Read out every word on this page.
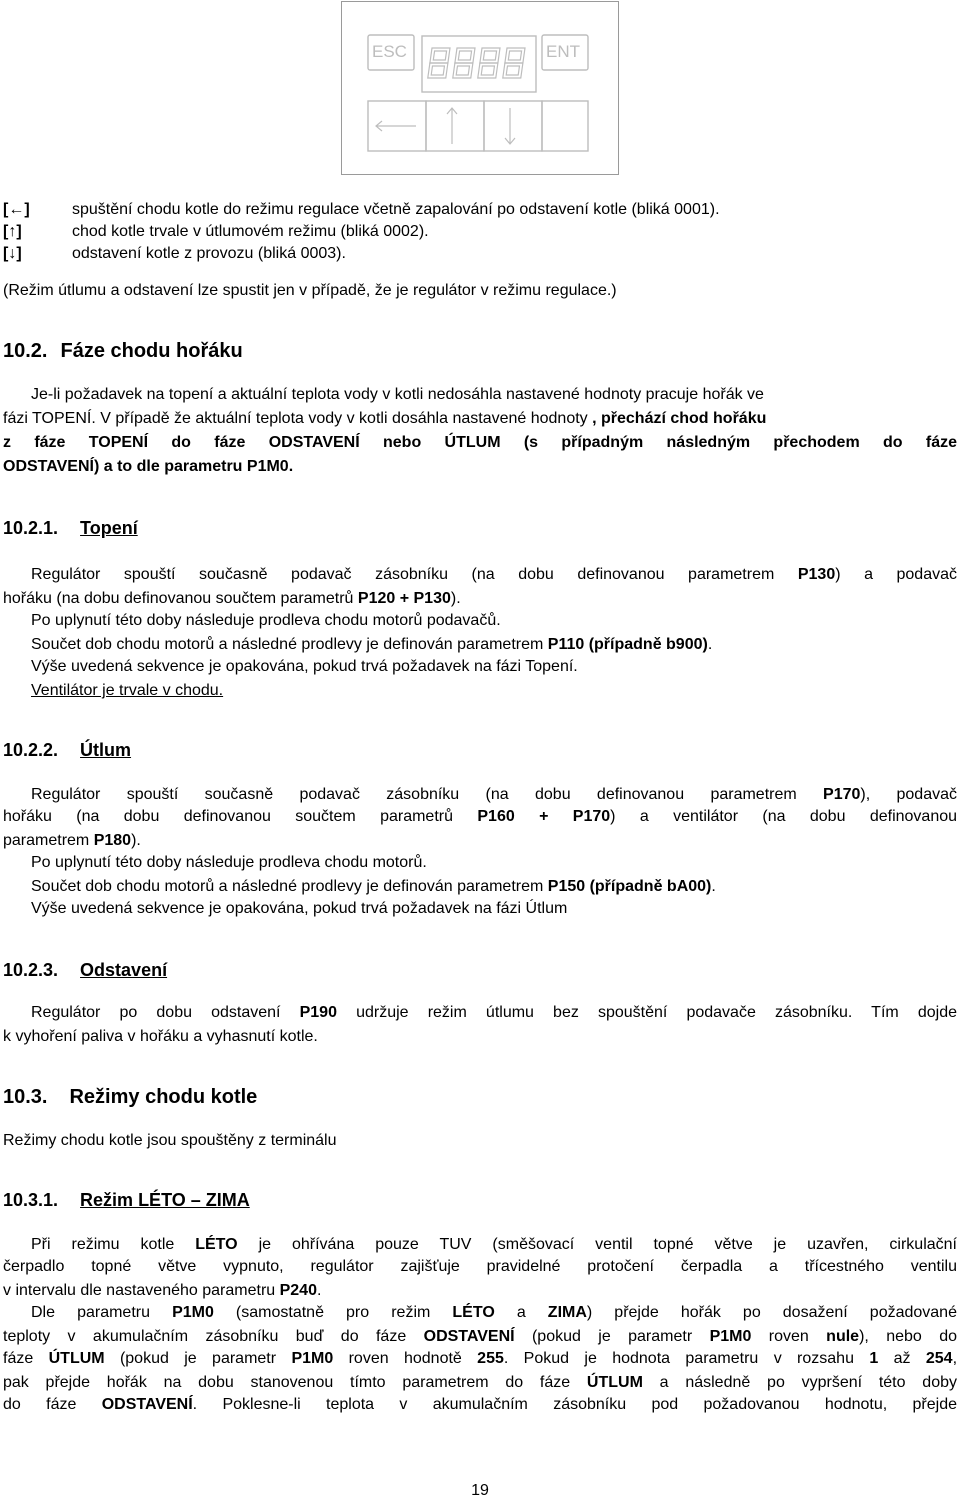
ESC	ENT
[←]	spuštění chodu kotle do režimu regulace včetně zapalování po odstavení kotle (bliká 0001).
[↑]	chod kotle trvale v útlumovém režimu (bliká 0002).
[↓]	odstavení kotle z provozu (bliká 0003).
(Režim útlumu a odstavení lze spustit jen v případě, že je regulátor v režimu regulace.)
10.2. Fáze chodu hořáku
Je-li požadavek na topení a aktuální teplota vody v kotli nedosáhla nastavené hodnoty pracuje hořák ve
fázi TOPENÍ. V případě že aktuální teplota vody v kotli dosáhla nastavené hodnoty , přechází chod hořáku
z fáze TOPENÍ do fáze ODSTAVENÍ nebo ÚTLUM (s případným následným přechodem do fáze
ODSTAVENÍ) a to dle parametru P1M0.
10.2.1. Topení
Regulátor spouští současně podavač zásobníku (na dobu definovanou parametrem P130) a podavač
hořáku (na dobu definovanou součtem parametrů P120 + P130).
Po uplynutí této doby následuje prodleva chodu motorů podavačů.
Součet dob chodu motorů a následné prodlevy je definován parametrem P110 (případně b900).
Výše uvedená sekvence je opakována, pokud trvá požadavek na fázi Topení.
Ventilátor je trvale v chodu.
10.2.2. Útlum
Regulátor spouští současně podavač zásobníku (na dobu definovanou parametrem P170), podavač
hořáku (na dobu definovanou součtem parametrů P160 + P170) a ventilátor (na dobu definovanou
parametrem P180).
Po uplynutí této doby následuje prodleva chodu motorů.
Součet dob chodu motorů a následné prodlevy je definován parametrem P150 (případně bA00).
Výše uvedená sekvence je opakována, pokud trvá požadavek na fázi Útlum
10.2.3. Odstavení
Regulátor po dobu odstavení P190 udržuje režim útlumu bez spouštění podavače zásobníku. Tím dojde
k vyhoření paliva v hořáku a vyhasnutí kotle.
10.3. Režimy chodu kotle
Režimy chodu kotle jsou spouštěny z terminálu
10.3.1. Režim LÉTO – ZIMA
Při režimu kotle LÉTO je ohřívána pouze TUV (směšovací ventil topné větve je uzavřen, cirkulační
čerpadlo topné větve vypnuto, regulátor zajišťuje pravidelné protočení čerpadla a třícestného ventilu
v intervalu dle nastaveného parametru P240.
Dle parametru P1M0 (samostatně pro režim LÉTO a ZIMA) přejde hořák po dosažení požadované
teploty v akumulačním zásobníku buď do fáze ODSTAVENÍ (pokud je parametr P1M0 roven nule), nebo do
fáze ÚTLUM (pokud je parametr P1M0 roven hodnotě 255. Pokud je hodnota parametru v rozsahu 1 až 254,
pak přejde hořák na dobu stanovenou tímto parametrem do fáze ÚTLUM a následně po vypršení této doby
do fáze ODSTAVENÍ. Poklesne-li teplota v akumulačním zásobníku pod požadovanou hodnotu, přejde
19
